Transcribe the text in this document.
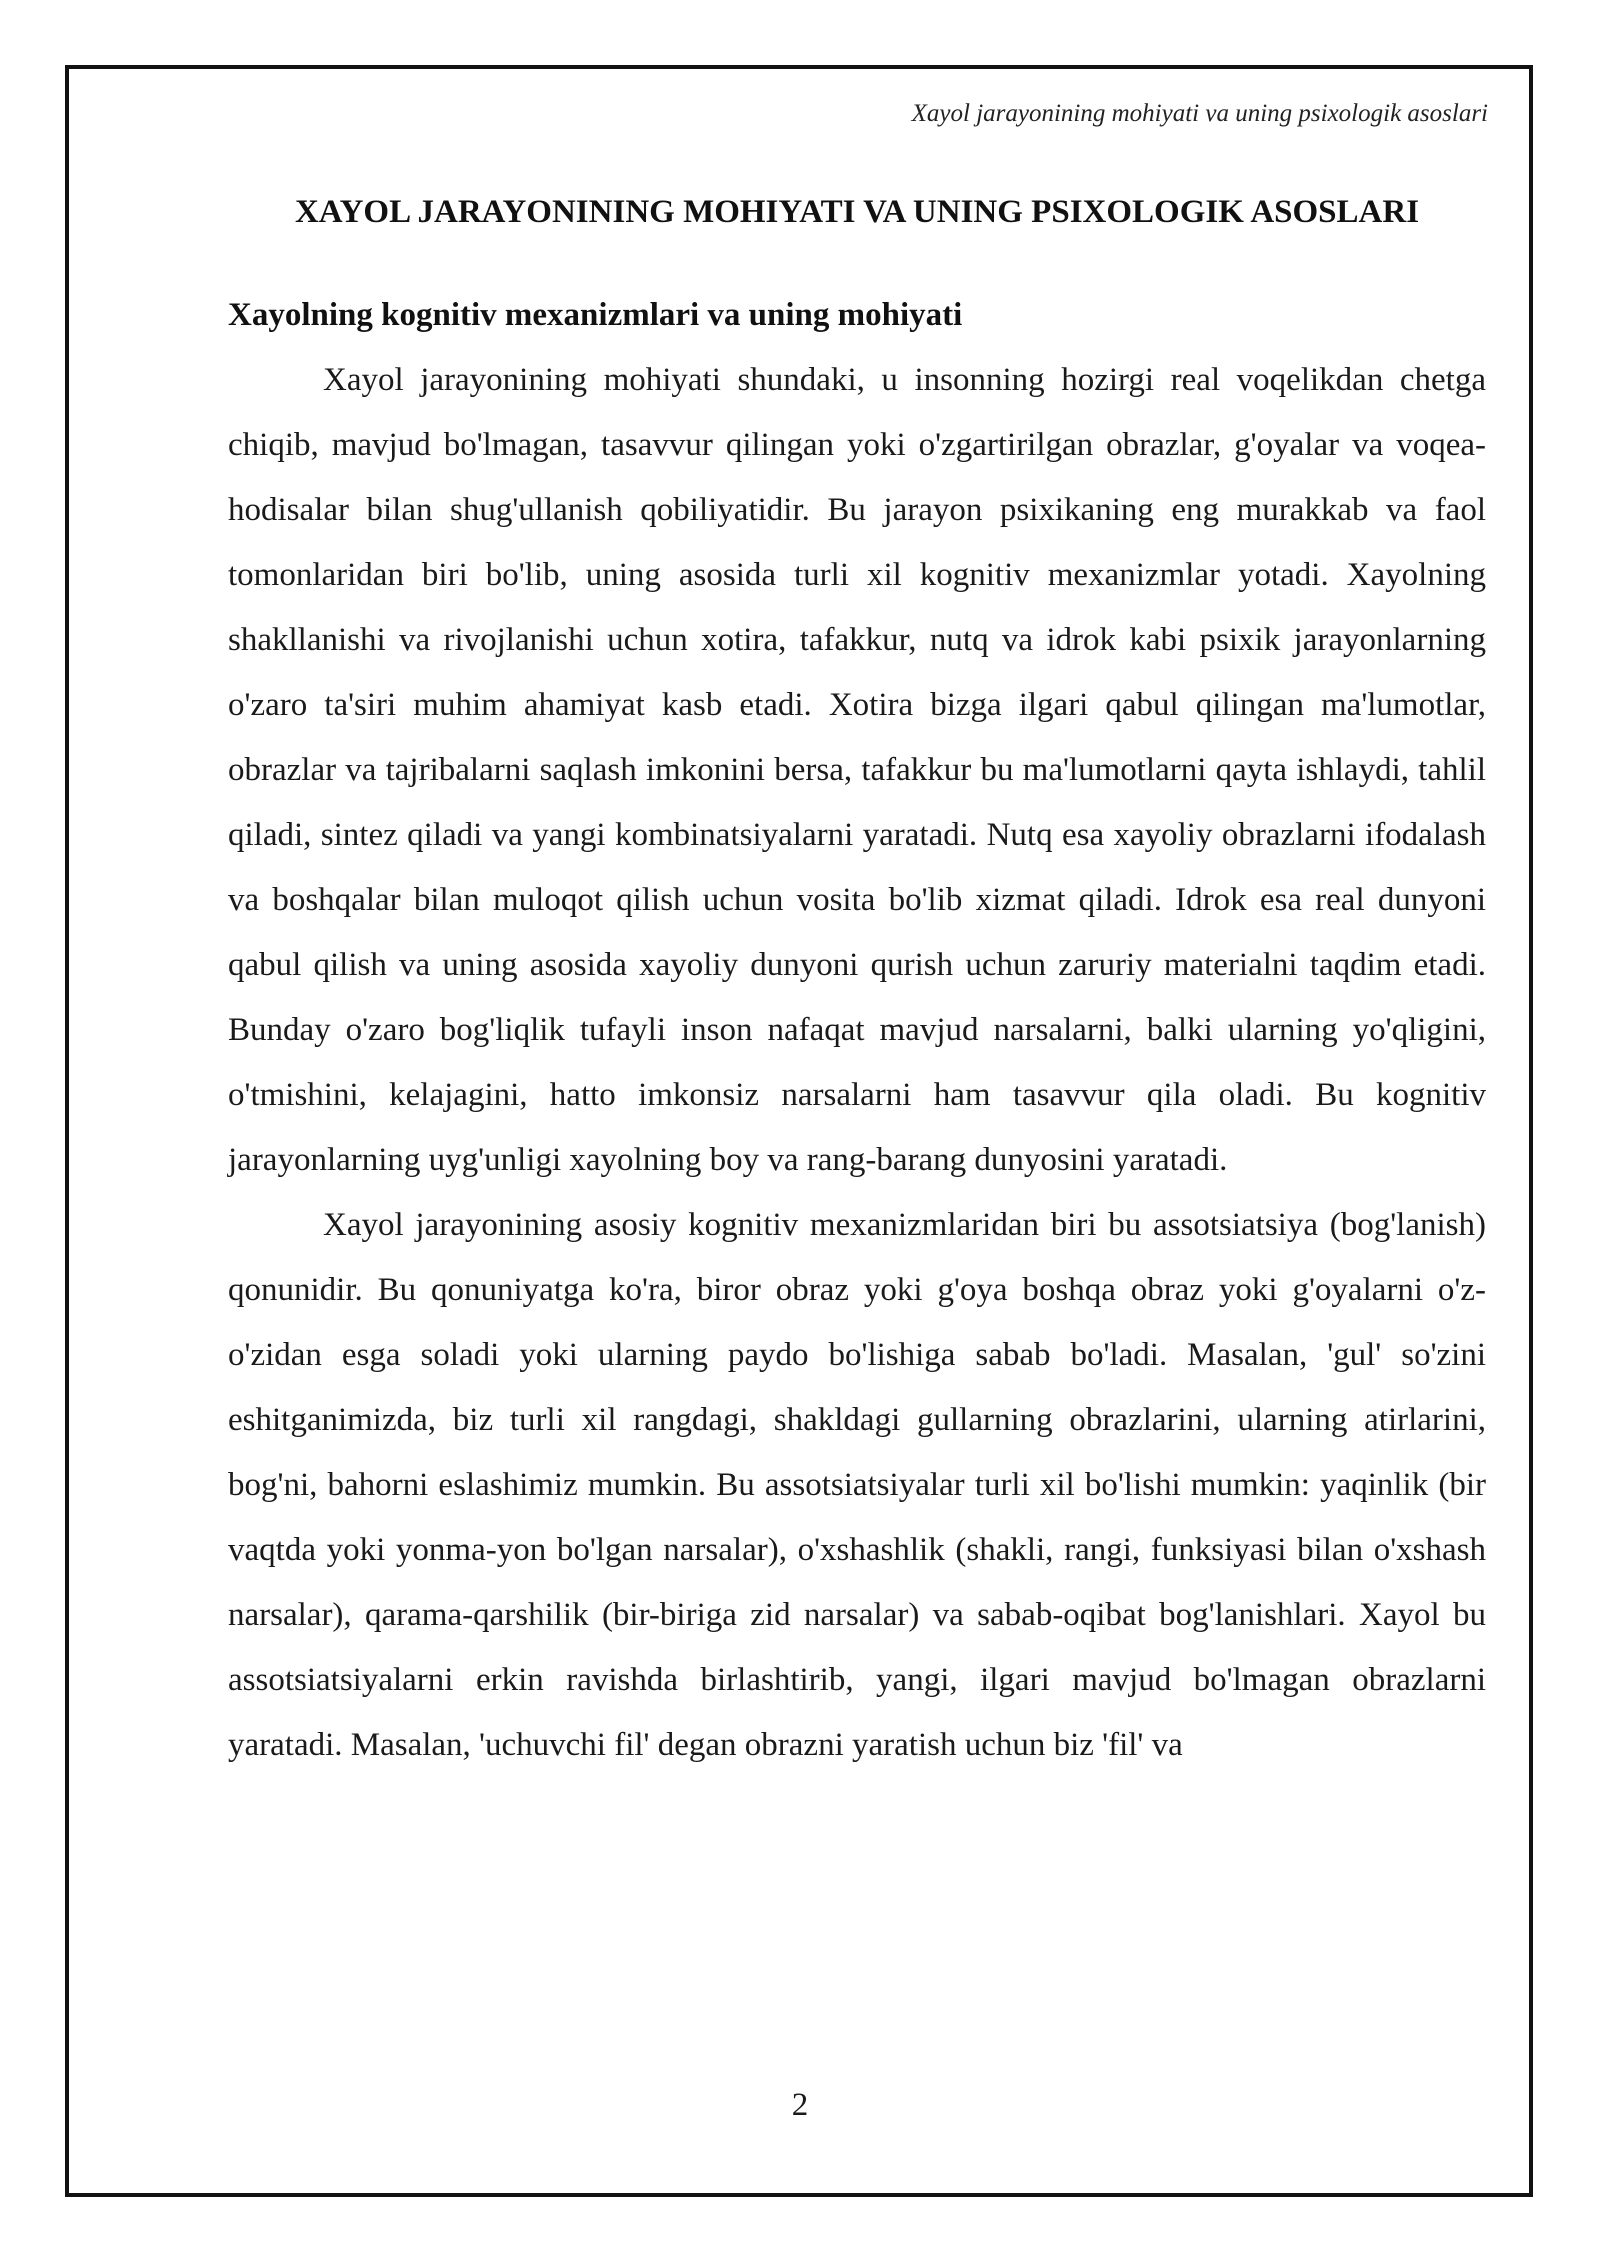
Xayol jarayonining mohiyati va uning psixologik asoslari
XAYOL JARAYONINING MOHIYATI VA UNING PSIXOLOGIK ASOSLARI
Xayolning kognitiv mexanizmlari va uning mohiyati

Xayol jarayonining mohiyati shundaki, u insonning hozirgi real voqelikdan chetga chiqib, mavjud bo'lmagan, tasavvur qilingan yoki o'zgartirilgan obrazlar, g'oyalar va voqea-hodisalar bilan shug'ullanish qobiliyatidir. Bu jarayon psixikaning eng murakkab va faol tomonlaridan biri bo'lib, uning asosida turli xil kognitiv mexanizmlar yotadi. Xayolning shakllanishi va rivojlanishi uchun xotira, tafakkur, nutq va idrok kabi psixik jarayonlarning o'zaro ta'siri muhim ahamiyat kasb etadi. Xotira bizga ilgari qabul qilingan ma'lumotlar, obrazlar va tajribalarni saqlash imkonini bersa, tafakkur bu ma'lumotlarni qayta ishlaydi, tahlil qiladi, sintez qiladi va yangi kombinatsiyalarni yaratadi. Nutq esa xayoliy obrazlarni ifodalash va boshqalar bilan muloqot qilish uchun vosita bo'lib xizmat qiladi. Idrok esa real dunyoni qabul qilish va uning asosida xayoliy dunyoni qurish uchun zaruriy materialni taqdim etadi. Bunday o'zaro bog'liqlik tufayli inson nafaqat mavjud narsalarni, balki ularning yo'qligini, o'tmishini, kelajagini, hatto imkonsiz narsalarni ham tasavvur qila oladi. Bu kognitiv jarayonlarning uyg'unligi xayolning boy va rang-barang dunyosini yaratadi.

Xayol jarayonining asosiy kognitiv mexanizmlaridan biri bu assotsiatsiya (bog'lanish) qonunidir. Bu qonuniyatga ko'ra, biror obraz yoki g'oya boshqa obraz yoki g'oyalarni o'z-o'zidan esga soladi yoki ularning paydo bo'lishiga sabab bo'ladi. Masalan, 'gul' so'zini eshitganimizda, biz turli xil rangdagi, shakldagi gullarning obrazlarini, ularning atirlarini, bog'ni, bahorni eslashimiz mumkin. Bu assotsiatsiyalar turli xil bo'lishi mumkin: yaqinlik (bir vaqtda yoki yonma-yon bo'lgan narsalar), o'xshashlik (shakli, rangi, funksiyasi bilan o'xshash narsalar), qarama-qarshilik (bir-biriga zid narsalar) va sabab-oqibat bog'lanishlari. Xayol bu assotsiatsiyalarni erkin ravishda birlashtirib, yangi, ilgari mavjud bo'lmagan obrazlarni yaratadi. Masalan, 'uchuvchi fil' degan obrazni yaratish uchun biz 'fil' va

2
